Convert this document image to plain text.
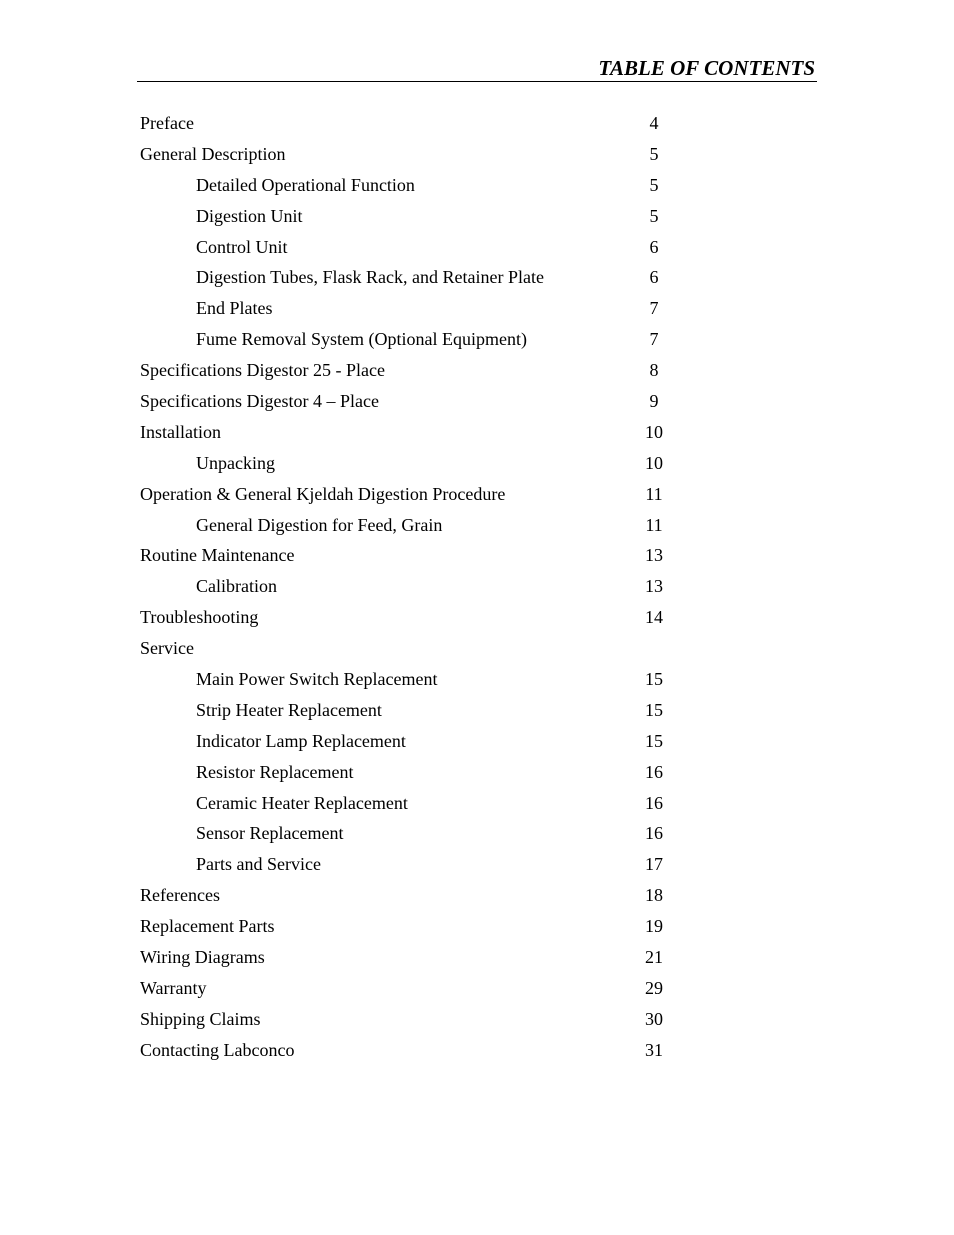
TABLE OF CONTENTS
Preface	4
General Description	5
Detailed Operational Function	5
Digestion Unit	5
Control Unit	6
Digestion Tubes, Flask Rack, and Retainer Plate	6
End Plates	7
Fume Removal System (Optional Equipment)	7
Specifications Digestor 25 - Place	8
Specifications Digestor 4 – Place	9
Installation	10
Unpacking	10
Operation & General Kjeldah Digestion Procedure	11
General Digestion for Feed, Grain	11
Routine Maintenance	13
Calibration	13
Troubleshooting	14
Service
Main Power Switch Replacement	15
Strip Heater Replacement	15
Indicator Lamp Replacement	15
Resistor Replacement	16
Ceramic Heater Replacement	16
Sensor Replacement	16
Parts and Service	17
References	18
Replacement Parts	19
Wiring Diagrams	21
Warranty	29
Shipping Claims	30
Contacting Labconco	31
